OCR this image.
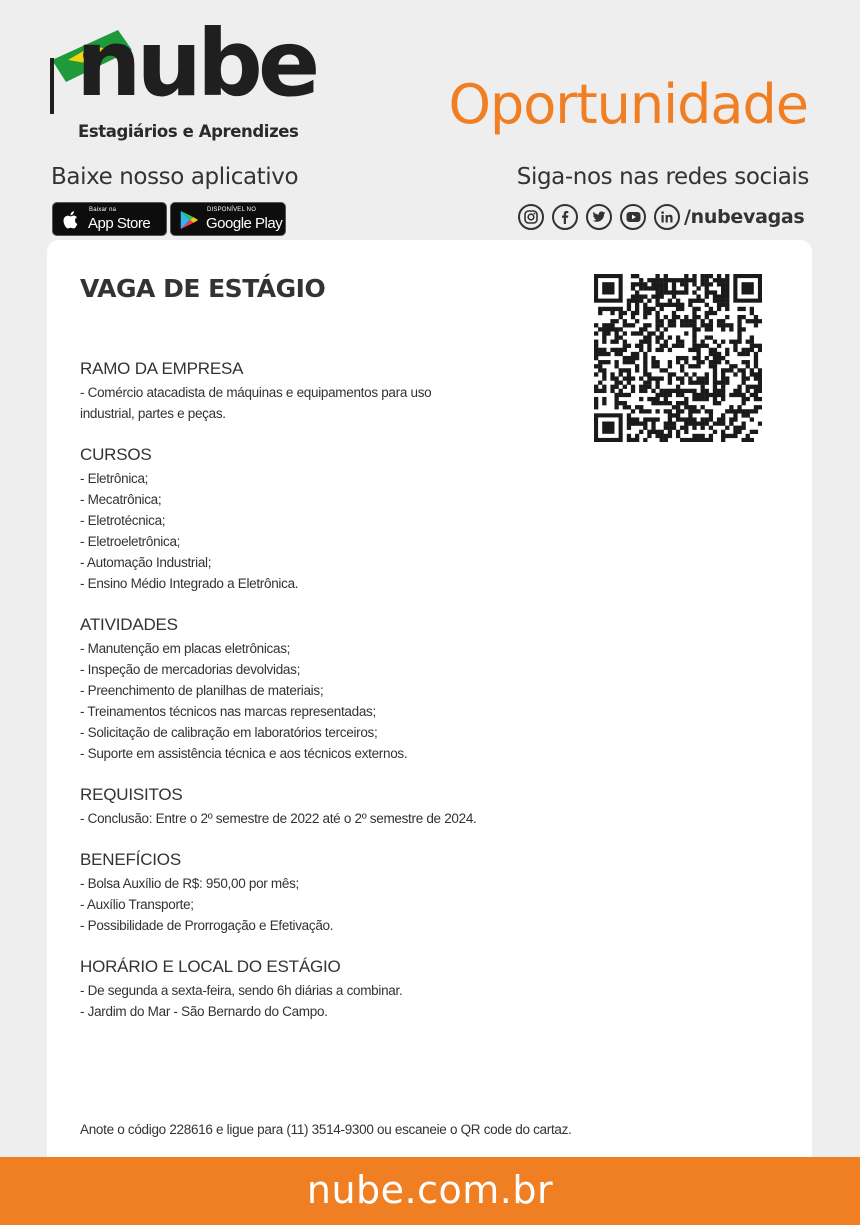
nube
Estagiários e Aprendizes	Oportunidade
Baixe nosso aplicativo	Siga-nos nas redes sociais
Baixar na
App Store
DISPONÍVEL NO
Google Play	/nubevagas
VAGA DE ESTÁGIO
RAMO DA EMPRESA
- Comércio atacadista de máquinas e equipamentos para uso
industrial, partes e peças.
CURSOS
- Eletrônica;
- Mecatrônica;
- Eletrotécnica;
- Eletroeletrônica;
- Automação Industrial;
- Ensino Médio Integrado a Eletrônica.
ATIVIDADES
- Manutenção em placas eletrônicas;
- Inspeção de mercadorias devolvidas;
- Preenchimento de planilhas de materiais;
- Treinamentos técnicos nas marcas representadas;
- Solicitação de calibração em laboratórios terceiros;
- Suporte em assistência técnica e aos técnicos externos.
REQUISITOS
- Conclusão: Entre o 2º semestre de 2022 até o 2º semestre de 2024.
BENEFÍCIOS
- Bolsa Auxílio de R$: 950,00 por mês;
- Auxílio Transporte;
- Possibilidade de Prorrogação e Efetivação.
HORÁRIO E LOCAL DO ESTÁGIO
- De segunda a sexta-feira, sendo 6h diárias a combinar.
- Jardim do Mar - São Bernardo do Campo.
Anote o código 228616 e ligue para (11) 3514-9300 ou escaneie o QR code do cartaz.
nube.com.br
